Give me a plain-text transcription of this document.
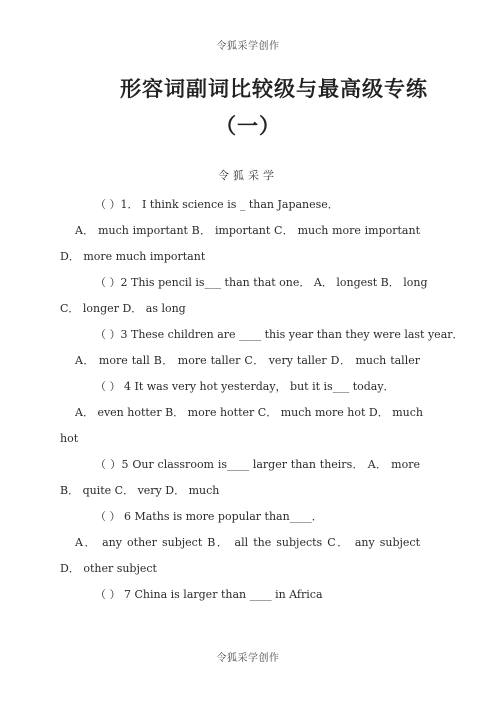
令狐采学创作
形容词副词比较级与最高级专练
（一）
令狐采学
（ ）1． I think science is _ than Japanese．
A． much important B． important C． much more important
D． more much important
（ ）2 This pencil is___ than that one． A． longest B． long
C． longer D． as long
（ ）3 These children are ____ this year than they were last year．
A． more tall B． more taller C． very taller D． much taller
（ ） 4 It was very hot yesterday， but it is___ today．
A． even hotter B． more hotter C． much more hot D． much
hot
（ ）5 Our classroom is____ larger than theirs． A． more
B． quite C． very D． much
（ ） 6 Maths is more popular than____．
A． any other subject B． all the subjects C． any subject
D． other subject
（ ） 7 China is larger than ____ in Africa
令狐采学创作
